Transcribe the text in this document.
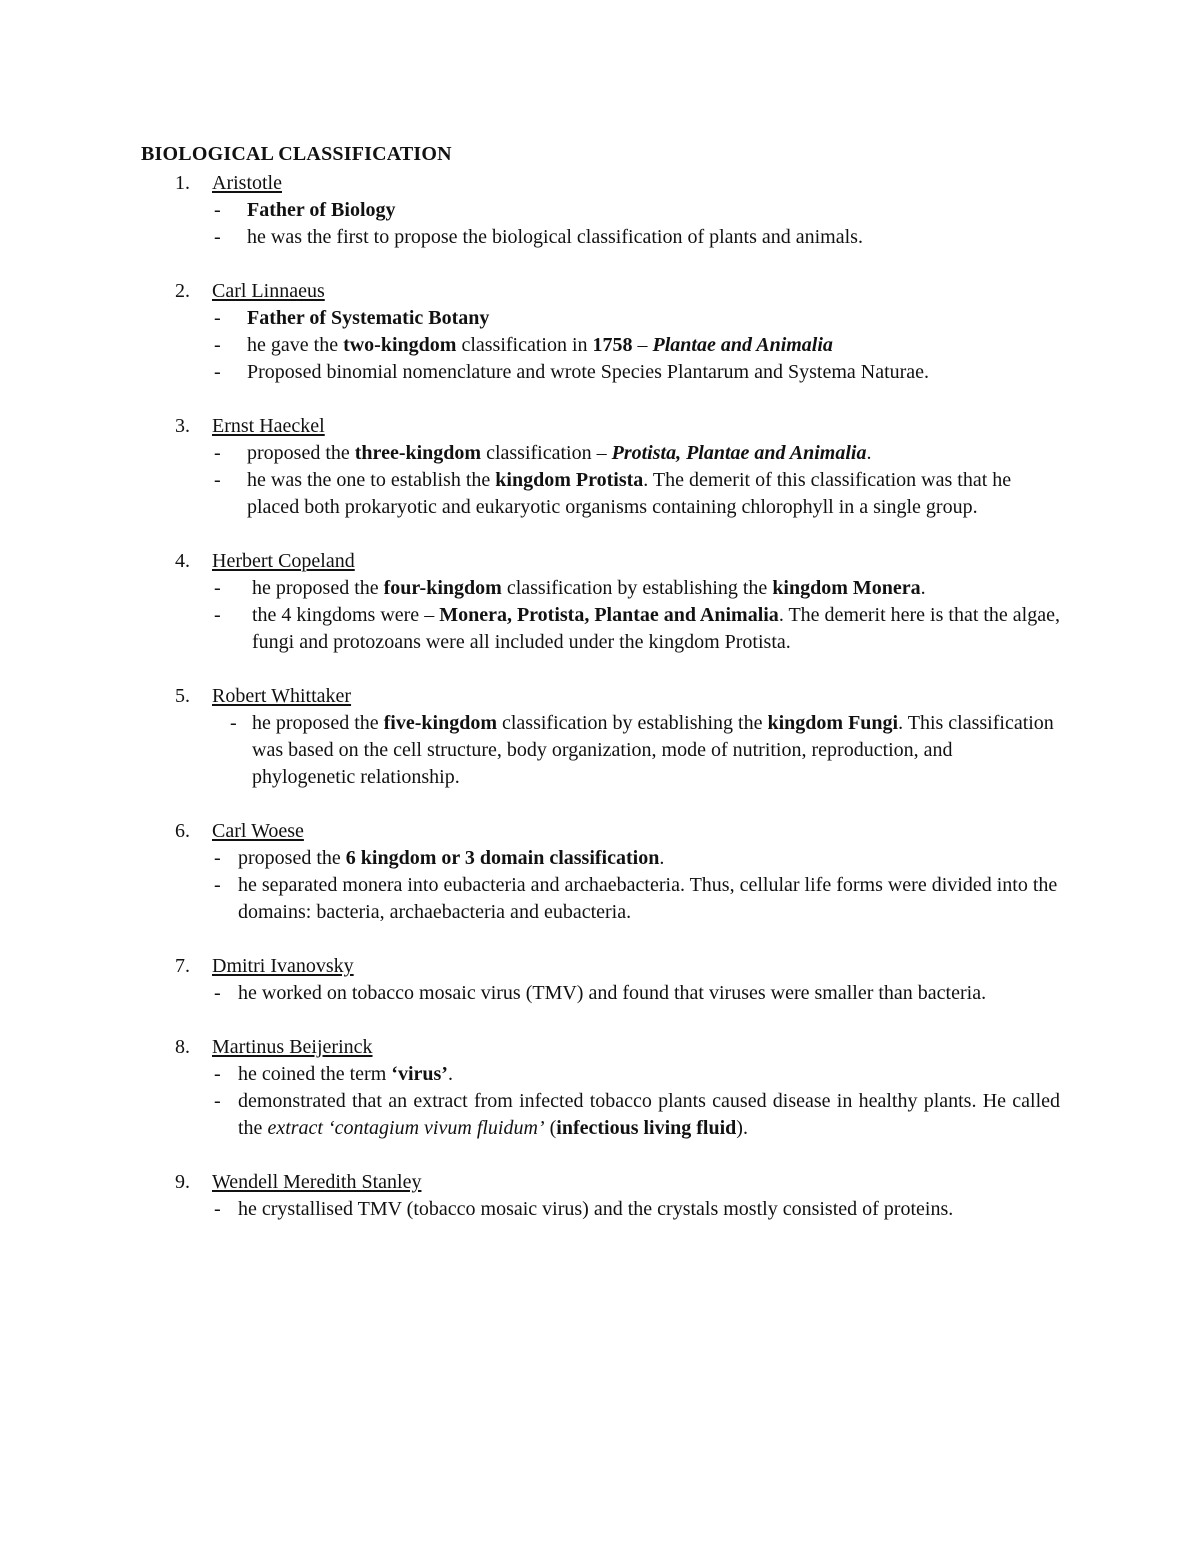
BIOLOGICAL CLASSIFICATION
1. Aristotle
- Father of Biology
- he was the first to propose the biological classification of plants and animals.
2. Carl Linnaeus
- Father of Systematic Botany
- he gave the two-kingdom classification in 1758 – Plantae and Animalia
- Proposed binomial nomenclature and wrote Species Plantarum and Systema Naturae.
3. Ernst Haeckel
- proposed the three-kingdom classification – Protista, Plantae and Animalia.
- he was the one to establish the kingdom Protista. The demerit of this classification was that he placed both prokaryotic and eukaryotic organisms containing chlorophyll in a single group.
4. Herbert Copeland
- he proposed the four-kingdom classification by establishing the kingdom Monera.
- the 4 kingdoms were – Monera, Protista, Plantae and Animalia. The demerit here is that the algae, fungi and protozoans were all included under the kingdom Protista.
5. Robert Whittaker
- he proposed the five-kingdom classification by establishing the kingdom Fungi. This classification was based on the cell structure, body organization, mode of nutrition, reproduction, and phylogenetic relationship.
6. Carl Woese
- proposed the 6 kingdom or 3 domain classification.
- he separated monera into eubacteria and archaebacteria. Thus, cellular life forms were divided into the domains: bacteria, archaebacteria and eubacteria.
7. Dmitri Ivanovsky
- he worked on tobacco mosaic virus (TMV) and found that viruses were smaller than bacteria.
8. Martinus Beijerinck
- he coined the term ‘virus’.
- demonstrated that an extract from infected tobacco plants caused disease in healthy plants. He called the extract ‘contagium vivum fluidum’ (infectious living fluid).
9. Wendell Meredith Stanley
- he crystallised TMV (tobacco mosaic virus) and the crystals mostly consisted of proteins.
